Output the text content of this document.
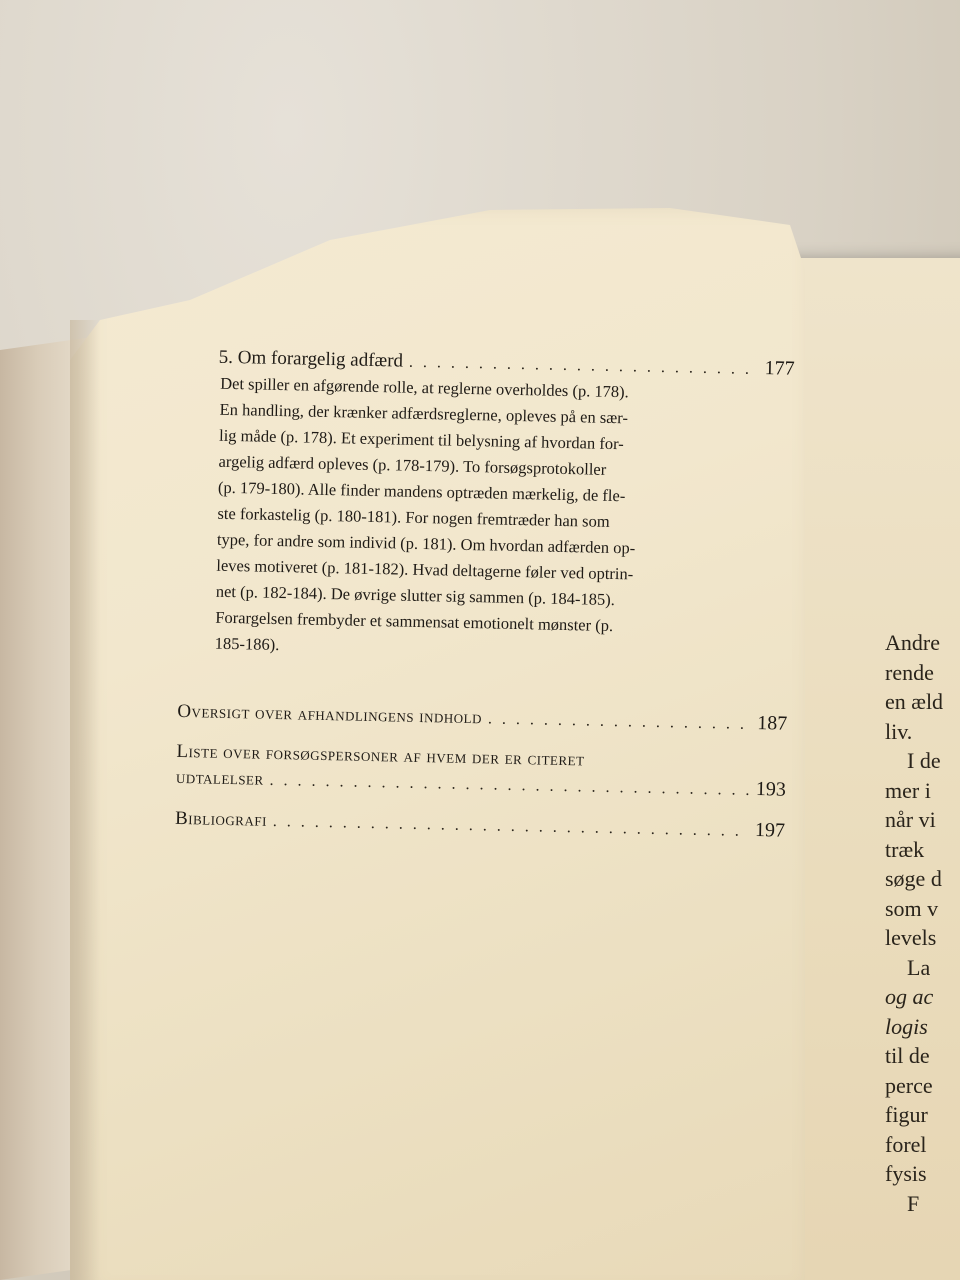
Andre
rende
en æld
liv.
I de
mer i
når vi
træk
søge d
som v
levels
La
og ac
logis
til de
perce
figur
forel
fysis
F
5. Om forargelig adfærd . . .	177
Det spiller en afgørende rolle, at reglerne overholdes (p. 178).
En handling, der krænker adfærdsreglerne, opleves på en sær-
lig måde (p. 178). Et experiment til belysning af hvordan for-
argelig adfærd opleves (p. 178-179). To forsøgsprotokoller
(p. 179-180). Alle finder mandens optræden mærkelig, de fle-
ste forkastelig (p. 180-181). For nogen fremtræder han som
type, for andre som individ (p. 181). Om hvordan adfærden op-
leves motiveret (p. 181-182). Hvad deltagerne føler ved optrin-
net (p. 182-184). De øvrige slutter sig sammen (p. 184-185).
Forargelsen frembyder et sammensat emotionelt mønster (p.
185-186).
Oversigt over afhandlingens indhold . . .	187
Liste over forsøgspersoner af hvem der er citeret
udtalelser . . .	193
Bibliografi . . .	197
